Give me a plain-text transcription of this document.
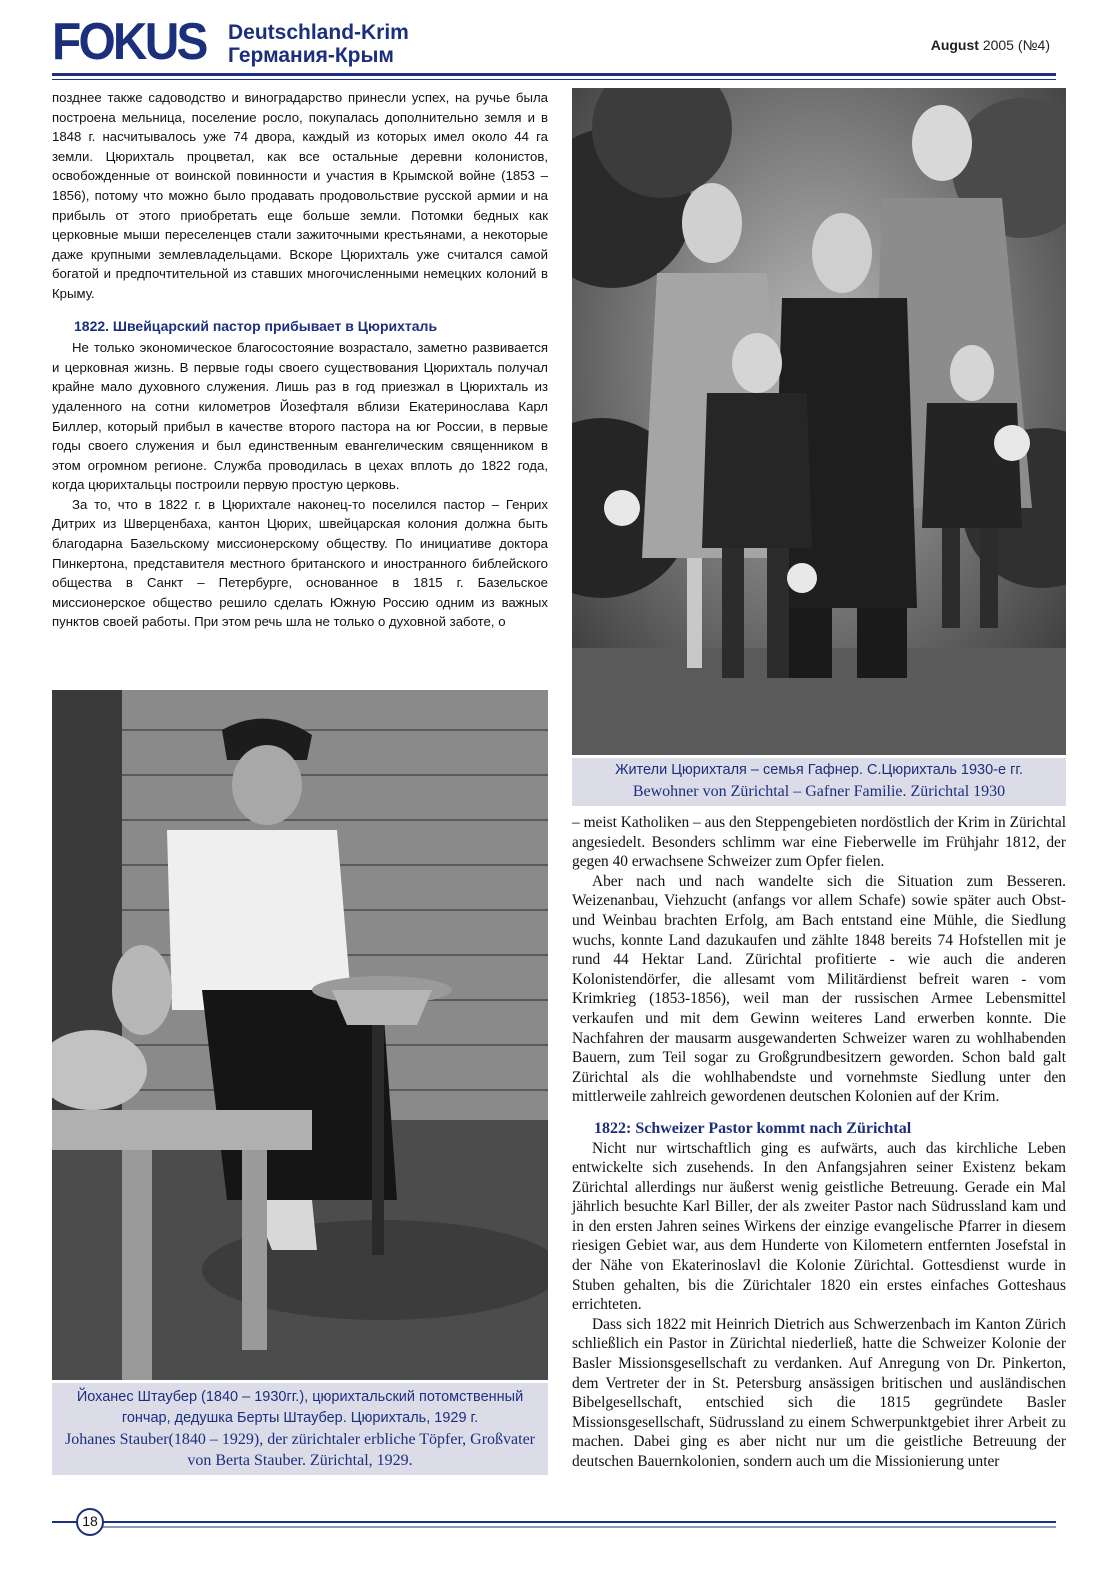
FOKUS Deutschland-Krim
Германия-Крым	August 2005 (№4)

позднее также садоводство и виноградарство принесли успех, на ручье была построена мельница, поселение росло, покупалась дополнительно земля и в 1848 г. насчитывалось уже 74 двора, каждый из которых имел около 44 га земли. Цюрихталь процветал, как все остальные деревни колонистов, освобожденные от воинской повинности и участия в Крымской войне (1853 – 1856), потому что можно было продавать продовольствие русской армии и на прибыль от этого приобретать еще больше земли. Потомки бедных как церковные мыши переселенцев стали зажиточными крестьянами, а некоторые даже крупными землевладельцами. Вскоре Цюрихталь уже считался самой богатой и предпочтительной из ставших многочисленными немецких колоний в Крыму.

1822. Швейцарский пастор прибывает в Цюрихталь

Не только экономическое благосостояние возрастало, заметно развивается и церковная жизнь. В первые годы своего существования Цюрихталь получал крайне мало духовного служения. Лишь раз в год приезжал в Цюрихталь из удаленного на сотни километров Йозефталя вблизи Екатеринослава Карл Биллер, который прибыл в качестве второго пастора на юг России, в первые годы своего служения и был единственным евангелическим священником в этом огромном регионе. Служба проводилась в цехах вплоть до 1822 года, когда цюрихтальцы построили первую простую церковь.

За то, что в 1822 г. в Цюрихтале наконец-то поселился пастор – Генрих Дитрих из Шверценбаха, кантон Цюрих, швейцарская колония должна быть благодарна Базельскому миссионерскому обществу. По инициативе доктора Пинкертона, представителя местного британского и иностранного библейского общества в Санкт – Петербурге, основанное в 1815 г. Базельское миссионерское общество решило сделать Южную Россию одним из важных пунктов своей работы. При этом речь шла не только о духовной заботе, о

Жители Цюрихталя – семья Гафнер. С.Цюрихталь 1930-е гг.
Bewohner von Zürichtal – Gafner Familie. Zürichtal 1930
Йоханес Штаубер (1840 – 1930гг.), цюрихтальский потомственный гончар, дедушка Берты Штаубер. Цюрихталь, 1929 г.
Johanes Stauber(1840 – 1929), der zürichtaler erbliche Töpfer, Großvater von Berta Stauber. Zürichtal, 1929.

– meist Katholiken – aus den Steppengebieten nordöstlich der Krim in Zürichtal angesiedelt. Besonders schlimm war eine Fieberwelle im Frühjahr 1812, der gegen 40 erwachsene Schweizer zum Opfer fielen.

Aber nach und nach wandelte sich die Situation zum Besseren. Weizenanbau, Viehzucht (anfangs vor allem Schafe) sowie später auch Obst- und Weinbau brachten Erfolg, am Bach entstand eine Mühle, die Siedlung wuchs, konnte Land dazukaufen und zählte 1848 bereits 74 Hofstellen mit je rund 44 Hektar Land. Zürichtal profitierte - wie auch die anderen Kolonistendörfer, die allesamt vom Militärdienst befreit waren - vom Krimkrieg (1853-1856), weil man der russischen Armee Lebensmittel verkaufen und mit dem Gewinn weiteres Land erwerben konnte. Die Nachfahren der mausarm ausgewanderten Schweizer waren zu wohlhabenden Bauern, zum Teil sogar zu Großgrundbesitzern geworden. Schon bald galt Zürichtal als die wohlhabendste und vornehmste Siedlung unter den mittlerweile zahlreich gewordenen deutschen Kolonien auf der Krim.

1822: Schweizer Pastor kommt nach Zürichtal

Nicht nur wirtschaftlich ging es aufwärts, auch das kirchliche Leben entwickelte sich zusehends. In den Anfangsjahren seiner Existenz bekam Zürichtal allerdings nur äußerst wenig geistliche Betreuung. Gerade ein Mal jährlich besuchte Karl Biller, der als zweiter Pastor nach Südrussland kam und in den ersten Jahren seines Wirkens der einzige evangelische Pfarrer in diesem riesigen Gebiet war, aus dem Hunderte von Kilometern entfernten Josefstal in der Nähe von Ekaterinoslavl die Kolonie Zürichtal. Gottesdienst wurde in Stuben gehalten, bis die Zürichtaler 1820 ein erstes einfaches Gotteshaus errichteten.

Dass sich 1822 mit Heinrich Dietrich aus Schwerzenbach im Kanton Zürich schließlich ein Pastor in Zürichtal niederließ, hatte die Schweizer Kolonie der Basler Missionsgesellschaft zu verdanken. Auf Anregung von Dr. Pinkerton, dem Vertreter der in St. Petersburg ansässigen britischen und ausländischen Bibelgesellschaft, entschied sich die 1815 gegründete Basler Missionsgesellschaft, Südrussland zu einem Schwerpunktgebiet ihrer Arbeit zu machen. Dabei ging es aber nicht nur um die geistliche Betreuung der deutschen Bauernkolonien, sondern auch um die Missionierung unter

18
